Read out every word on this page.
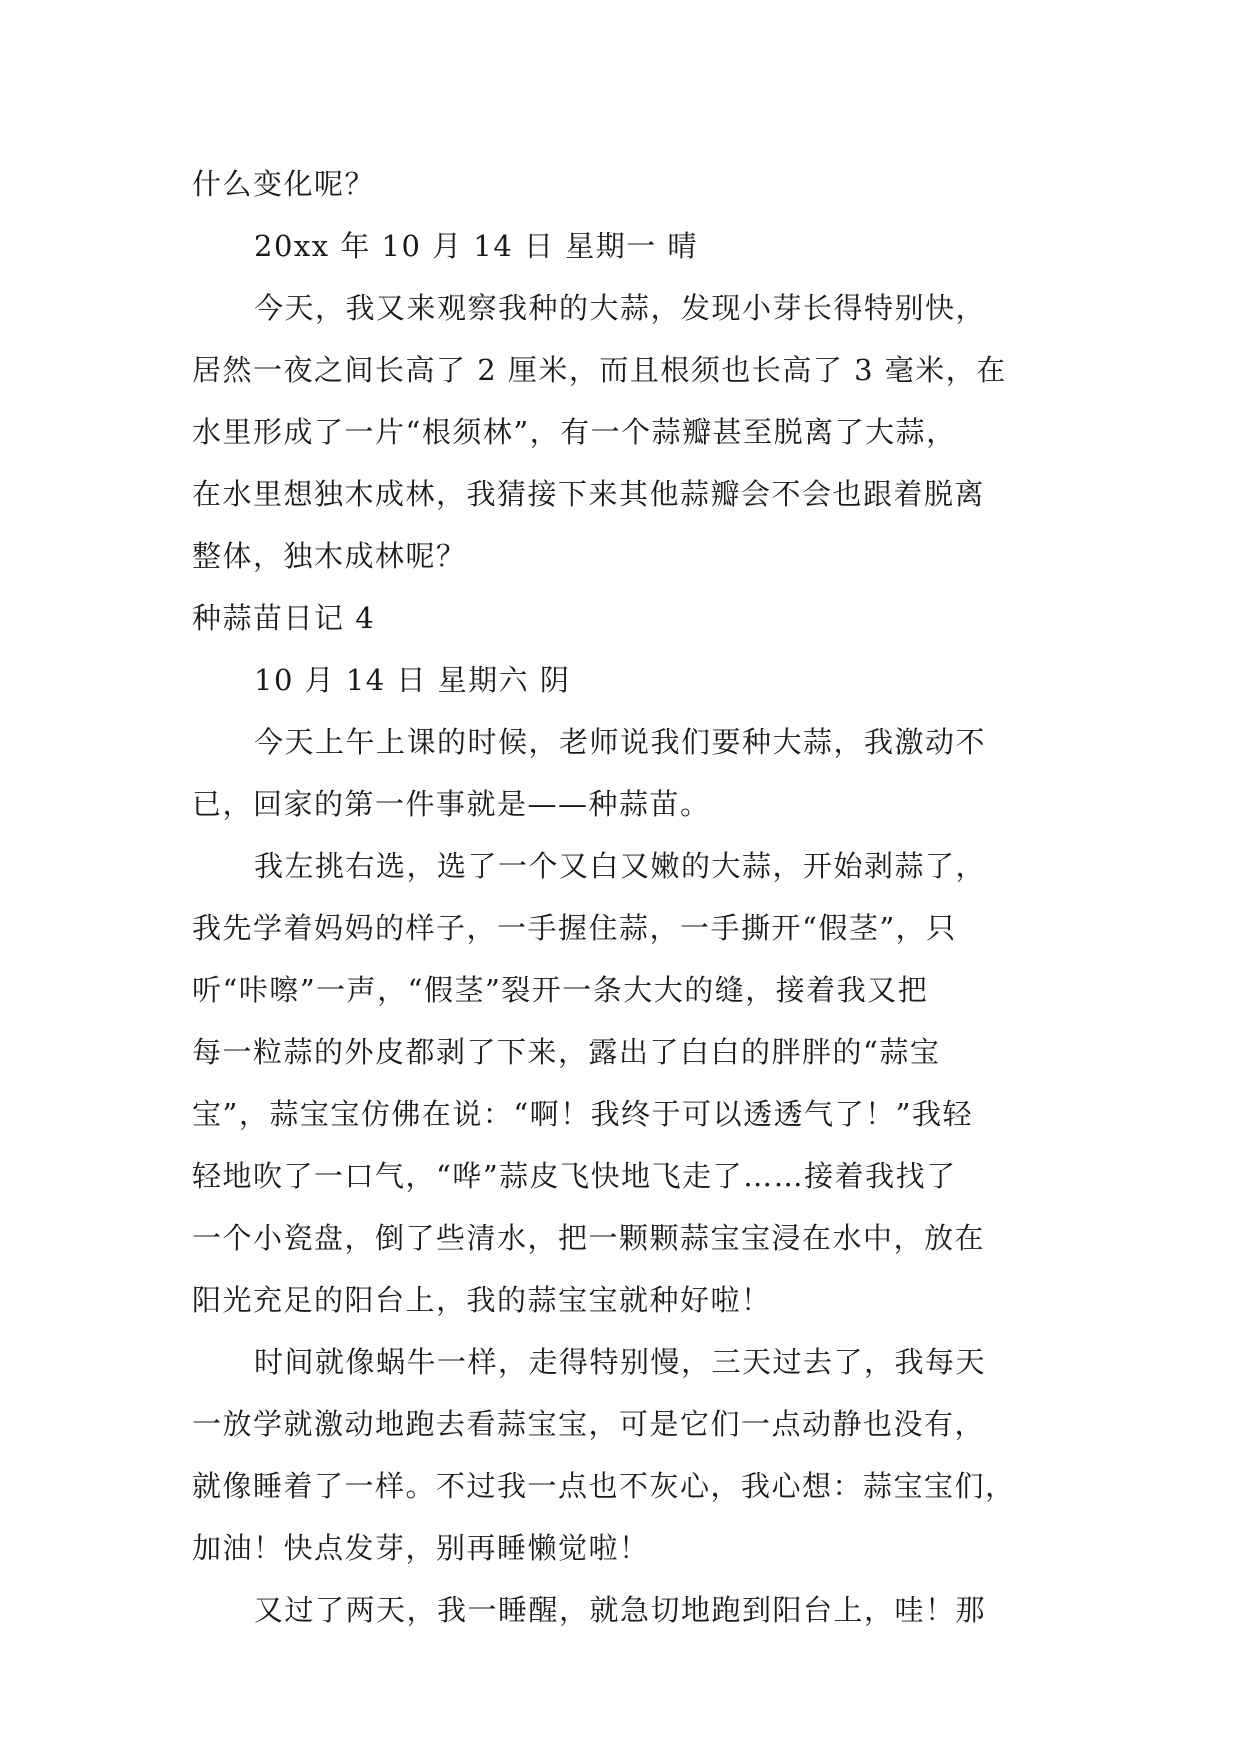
什么变化呢？
20xx 年 10 月 14 日 星期一 晴
今天，我又来观察我种的大蒜，发现小芽长得特别快，
居然一夜之间长高了 2 厘米，而且根须也长高了 3 毫米，在
水里形成了一片“根须林”，有一个蒜瓣甚至脱离了大蒜，
在水里想独木成林，我猜接下来其他蒜瓣会不会也跟着脱离
整体，独木成林呢？
种蒜苗日记 4
10 月 14 日 星期六 阴
今天上午上课的时候，老师说我们要种大蒜，我激动不
已，回家的第一件事就是——种蒜苗。
我左挑右选，选了一个又白又嫩的大蒜，开始剥蒜了，
我先学着妈妈的样子，一手握住蒜，一手撕开“假茎”，只
听“咔嚓”一声，“假茎”裂开一条大大的缝，接着我又把
每一粒蒜的外皮都剥了下来，露出了白白的胖胖的“蒜宝
宝”，蒜宝宝仿佛在说：“啊！我终于可以透透气了！”我轻
轻地吹了一口气，“哗”蒜皮飞快地飞走了……接着我找了
一个小瓷盘，倒了些清水，把一颗颗蒜宝宝浸在水中，放在
阳光充足的阳台上，我的蒜宝宝就种好啦！
时间就像蜗牛一样，走得特别慢，三天过去了，我每天
一放学就激动地跑去看蒜宝宝，可是它们一点动静也没有，
就像睡着了一样。不过我一点也不灰心，我心想：蒜宝宝们，
加油！快点发芽，别再睡懒觉啦！
又过了两天，我一睡醒，就急切地跑到阳台上，哇！那
